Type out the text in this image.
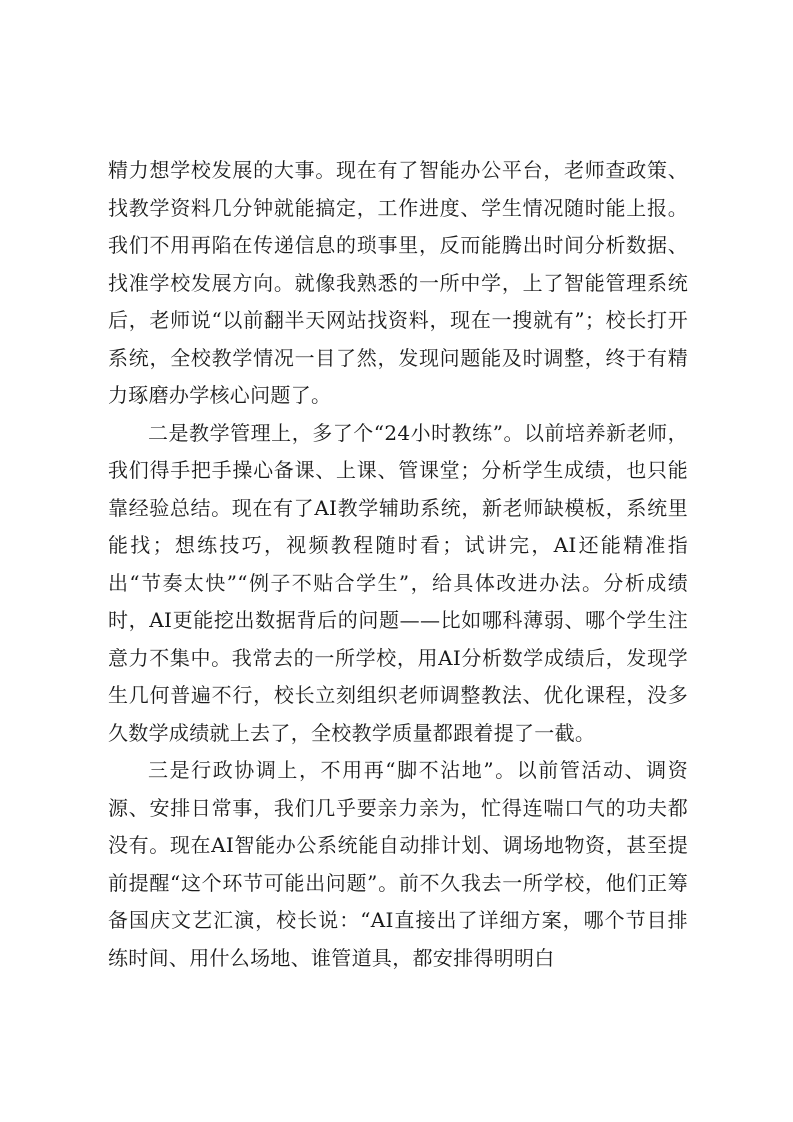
精力想学校发展的大事。现在有了智能办公平台，老师查政策、找教学资料几分钟就能搞定，工作进度、学生情况随时能上报。我们不用再陷在传递信息的琐事里，反而能腾出时间分析数据、找准学校发展方向。就像我熟悉的一所中学，上了智能管理系统后，老师说“以前翻半天网站找资料，现在一搜就有”；校长打开系统，全校教学情况一目了然，发现问题能及时调整，终于有精力琢磨办学核心问题了。

二是教学管理上，多了个“24小时教练”。以前培养新老师，我们得手把手操心备课、上课、管课堂；分析学生成绩，也只能靠经验总结。现在有了AI教学辅助系统，新老师缺模板，系统里能找；想练技巧，视频教程随时看；试讲完，AI还能精准指出“节奏太快”“例子不贴合学生”，给具体改进办法。分析成绩时，AI更能挖出数据背后的问题——比如哪科薄弱、哪个学生注意力不集中。我常去的一所学校，用AI分析数学成绩后，发现学生几何普遍不行，校长立刻组织老师调整教法、优化课程，没多久数学成绩就上去了，全校教学质量都跟着提了一截。

三是行政协调上，不用再“脚不沾地”。以前管活动、调资源、安排日常事，我们几乎要亲力亲为，忙得连喘口气的功夫都没有。现在AI智能办公系统能自动排计划、调场地物资，甚至提前提醒“这个环节可能出问题”。前不久我去一所学校，他们正筹备国庆文艺汇演，校长说：“AI直接出了详细方案，哪个节目排练时间、用什么场地、谁管道具，都安排得明明白
